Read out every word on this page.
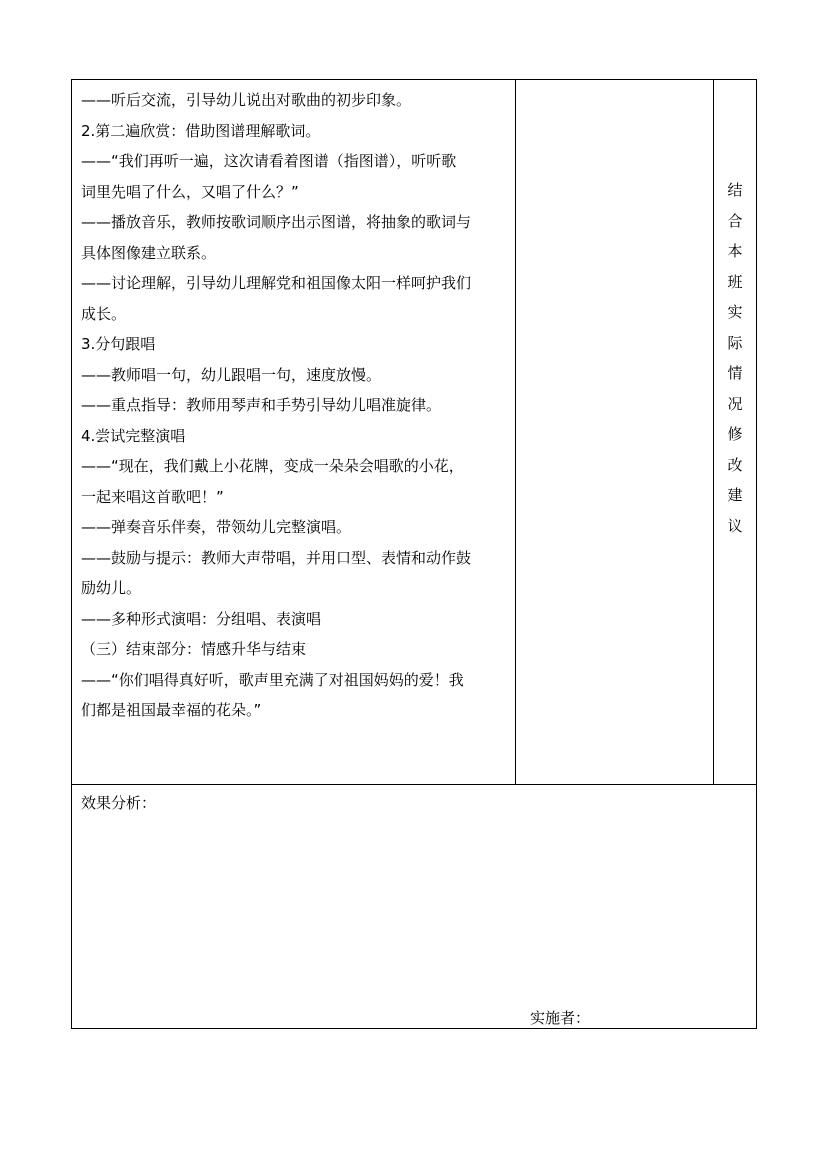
——听后交流，引导幼儿说出对歌曲的初步印象。
2.第二遍欣赏：借助图谱理解歌词。
——“我们再听一遍，这次请看着图谱（指图谱），听听歌
词里先唱了什么，又唱了什么？”
——播放音乐，教师按歌词顺序出示图谱，将抽象的歌词与
具体图像建立联系。
——讨论理解，引导幼儿理解党和祖国像太阳一样呵护我们
成长。
3.分句跟唱
——教师唱一句，幼儿跟唱一句，速度放慢。
——重点指导：教师用琴声和手势引导幼儿唱准旋律。
4.尝试完整演唱
——“现在，我们戴上小花牌，变成一朵朵会唱歌的小花，
一起来唱这首歌吧！”
——弹奏音乐伴奏，带领幼儿完整演唱。
——鼓励与提示：教师大声带唱，并用口型、表情和动作鼓
励幼儿。
——多种形式演唱：分组唱、表演唱
（三）结束部分：情感升华与结束
——“你们唱得真好听，歌声里充满了对祖国妈妈的爱！我
们都是祖国最幸福的花朵。”
结
合
本
班
实
际
情
况
修
改
建
议
效果分析：
实施者：
